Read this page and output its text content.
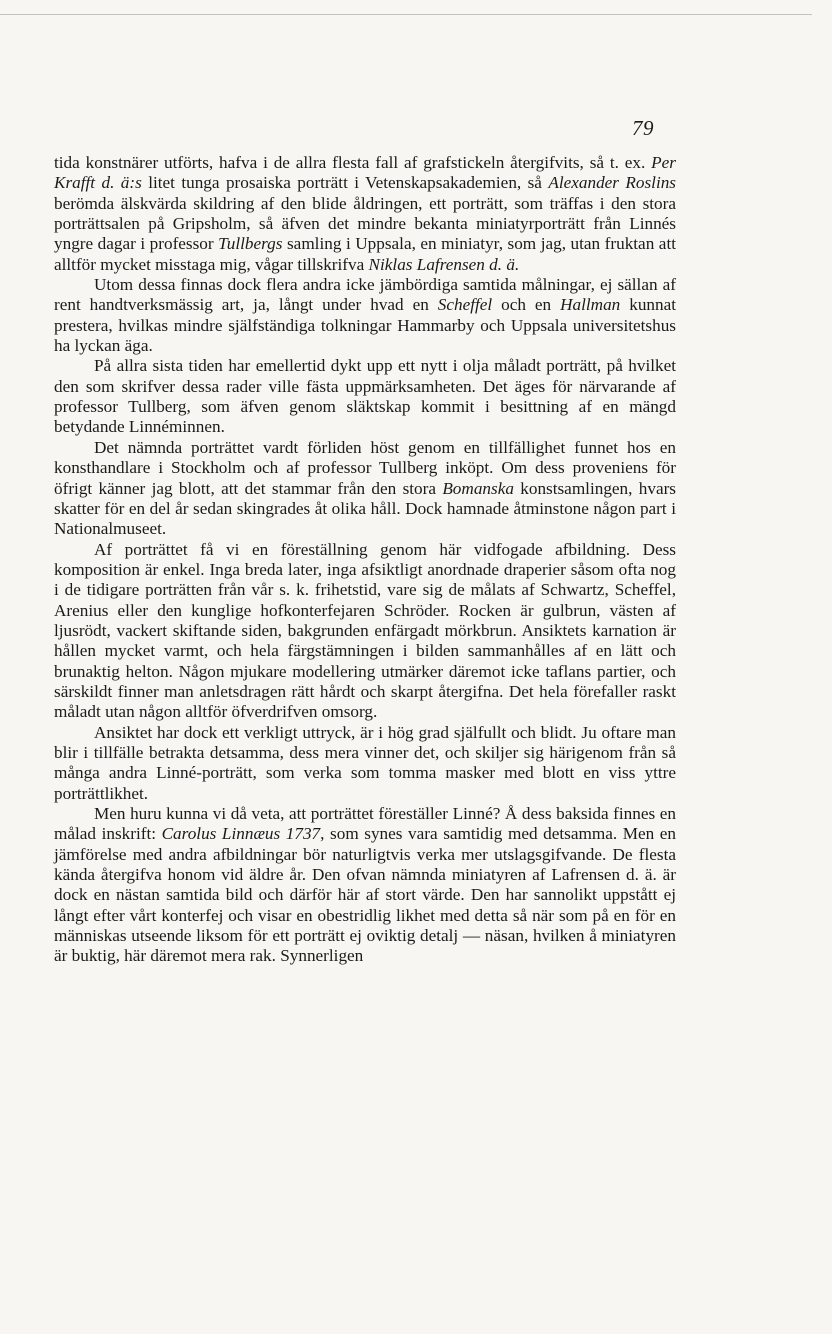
79

tida konstnärer utförts, hafva i de allra flesta fall af grafstickeln återgifvits, så t. ex. Per Krafft d. ä:s litet tunga prosaiska porträtt i Vetenskapsakademien, så Alexander Roslins berömda älskvärda skildring af den blide åldringen, ett porträtt, som träffas i den stora porträttsalen på Gripsholm, så äfven det mindre bekanta miniatyrporträtt från Linnés yngre dagar i professor Tullbergs samling i Uppsala, en miniatyr, som jag, utan fruktan att alltför mycket misstaga mig, vågar tillskrifva Niklas Lafrensen d. ä.

Utom dessa finnas dock flera andra icke jämbördiga samtida målningar, ej sällan af rent handtverksmässig art, ja, långt under hvad en Scheffel och en Hallman kunnat prestera, hvilkas mindre själfständiga tolkningar Hammarby och Uppsala universitetshus ha lyckan äga.

På allra sista tiden har emellertid dykt upp ett nytt i olja måladt porträtt, på hvilket den som skrifver dessa rader ville fästa uppmärksamheten. Det äges för närvarande af professor Tullberg, som äfven genom släktskap kommit i besittning af en mängd betydande Linnéminnen.

Det nämnda porträttet vardt förliden höst genom en tillfällighet funnet hos en konsthandlare i Stockholm och af professor Tullberg inköpt. Om dess proveniens för öfrigt känner jag blott, att det stammar från den stora Bomanska konstsamlingen, hvars skatter för en del år sedan skingrades åt olika håll. Dock hamnade åtminstone någon part i Nationalmuseet.

Af porträttet få vi en föreställning genom här vidfogade afbildning. Dess komposition är enkel. Inga breda later, inga afsiktligt anordnade draperier såsom ofta nog i de tidigare porträtten från vår s. k. frihetstid, vare sig de målats af Schwartz, Scheffel, Arenius eller den kunglige hofkonterfejaren Schröder. Rocken är gulbrun, västen af ljusrödt, vackert skiftande siden, bakgrunden enfärgadt mörkbrun. Ansiktets karnation är hållen mycket varmt, och hela färgstämningen i bilden sammanhålles af en lätt och brunaktig helton. Någon mjukare modellering utmärker däremot icke taflans partier, och särskildt finner man anletsdragen rätt hårdt och skarpt återgifna. Det hela förefaller raskt måladt utan någon alltför öfverdrifven omsorg.

Ansiktet har dock ett verkligt uttryck, är i hög grad själfullt och blidt. Ju oftare man blir i tillfälle betrakta detsamma, dess mera vinner det, och skiljer sig härigenom från så många andra Linné-porträtt, som verka som tomma masker med blott en viss yttre porträttlikhet.

Men huru kunna vi då veta, att porträttet föreställer Linné? Å dess baksida finnes en målad inskrift: Carolus Linnæus 1737, som synes vara samtidig med detsamma. Men en jämförelse med andra afbildningar bör naturligtvis verka mer utslagsgifvande. De flesta kända återgifva honom vid äldre år. Den ofvan nämnda miniatyren af Lafrensen d. ä. är dock en nästan samtida bild och därför här af stort värde. Den har sannolikt uppstått ej långt efter vårt konterfej och visar en obestridlig likhet med detta så när som på en för en människas utseende liksom för ett porträtt ej oviktig detalj — näsan, hvilken å miniatyren är buktig, här däremot mera rak. Synnerligen
